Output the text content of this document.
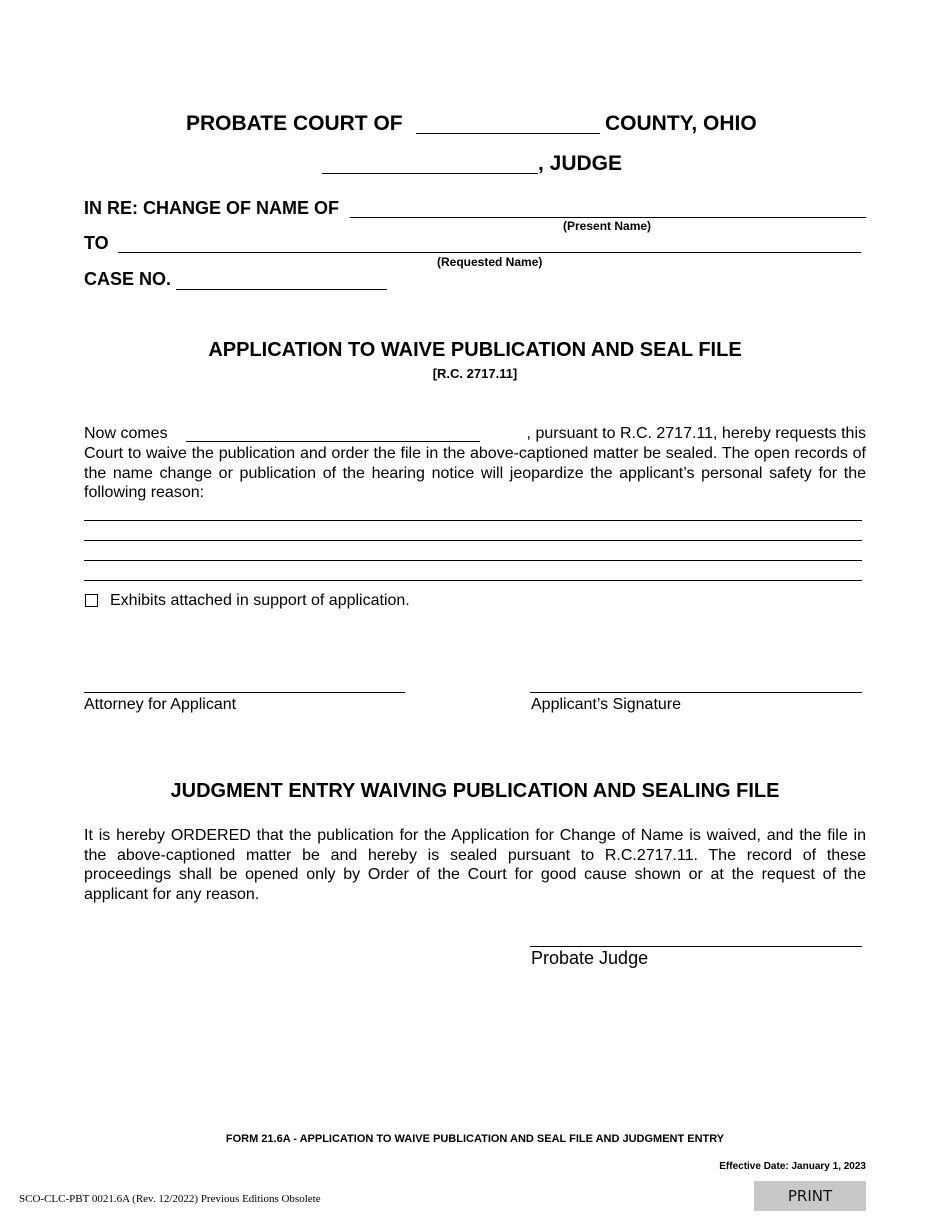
PROBATE COURT OF	COUNTY, OHIO
, JUDGE
IN RE: CHANGE OF NAME OF
(Present Name)
TO
(Requested Name)
CASE NO.
APPLICATION TO WAIVE PUBLICATION AND SEAL FILE
[R.C. 2717.11]
Now comes	, pursuant to R.C. 2717.11, hereby requests this
Court to waive the publication and order the file in the above-captioned matter be sealed. The open records of the name change or publication of the hearing notice will jeopardize the applicant’s personal safety for the following reason:
Exhibits attached in support of application.
Attorney for Applicant	Applicant’s Signature
JUDGMENT ENTRY WAIVING PUBLICATION AND SEALING FILE
It is hereby ORDERED that the publication for the Application for Change of Name is waived, and the file in the above-captioned matter be and hereby is sealed pursuant to R.C.2717.11. The record of these proceedings shall be opened only by Order of the Court for good cause shown or at the request of the applicant for any reason.
Probate Judge
FORM 21.6A - APPLICATION TO WAIVE PUBLICATION AND SEAL FILE AND JUDGMENT ENTRY
Effective Date: January 1, 2023
SCO-CLC-PBT 0021.6A (Rev. 12/2022) Previous Editions Obsolete	PRINT
